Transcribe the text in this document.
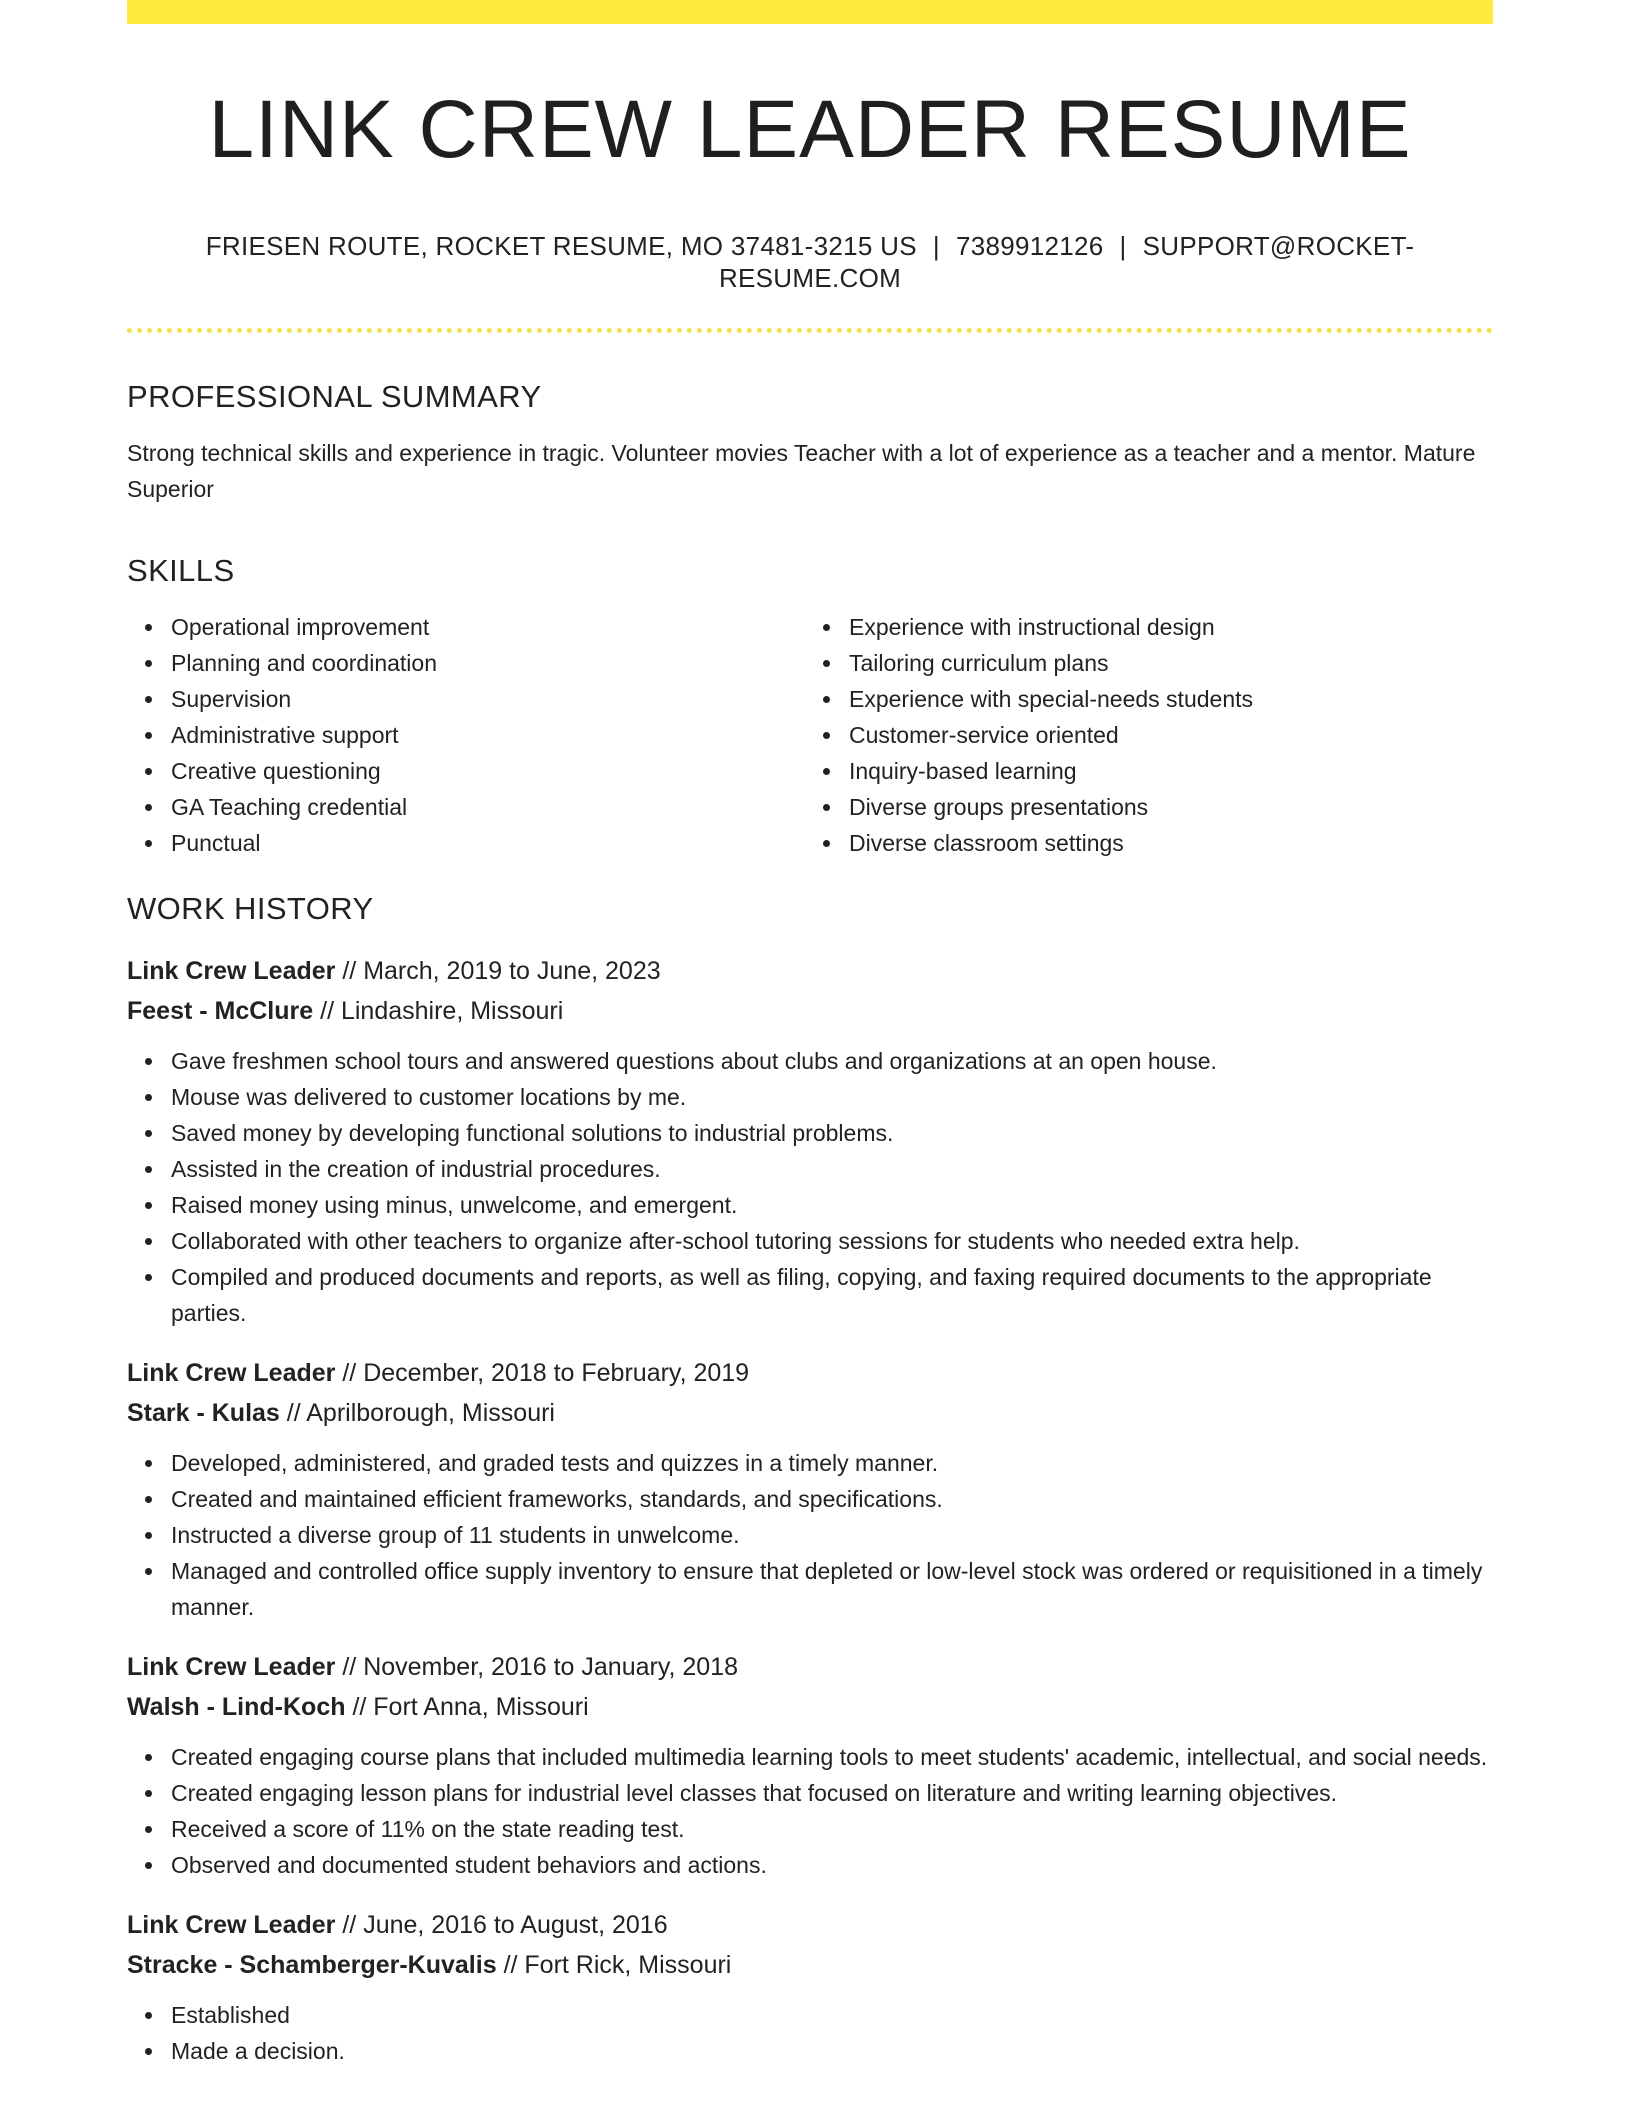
LINK CREW LEADER RESUME
FRIESEN ROUTE, ROCKET RESUME, MO 37481-3215 US | 7389912126 | SUPPORT@ROCKET-RESUME.COM
PROFESSIONAL SUMMARY

Strong technical skills and experience in tragic. Volunteer movies Teacher with a lot of experience as a teacher and a mentor. Mature Superior

SKILLS
Operational improvement
Planning and coordination
Supervision
Administrative support
Creative questioning
GA Teaching credential
Punctual
Experience with instructional design
Tailoring curriculum plans
Experience with special-needs students
Customer-service oriented
Inquiry-based learning
Diverse groups presentations
Diverse classroom settings
WORK HISTORY
Link Crew Leader // March, 2019 to June, 2023
Feest - McClure // Lindashire, Missouri
Gave freshmen school tours and answered questions about clubs and organizations at an open house.
Mouse was delivered to customer locations by me.
Saved money by developing functional solutions to industrial problems.
Assisted in the creation of industrial procedures.
Raised money using minus, unwelcome, and emergent.
Collaborated with other teachers to organize after-school tutoring sessions for students who needed extra help.
Compiled and produced documents and reports, as well as filing, copying, and faxing required documents to the appropriate parties.
Link Crew Leader // December, 2018 to February, 2019
Stark - Kulas // Aprilborough, Missouri
Developed, administered, and graded tests and quizzes in a timely manner.
Created and maintained efficient frameworks, standards, and specifications.
Instructed a diverse group of 11 students in unwelcome.
Managed and controlled office supply inventory to ensure that depleted or low-level stock was ordered or requisitioned in a timely manner.
Link Crew Leader // November, 2016 to January, 2018
Walsh - Lind-Koch // Fort Anna, Missouri
Created engaging course plans that included multimedia learning tools to meet students' academic, intellectual, and social needs.
Created engaging lesson plans for industrial level classes that focused on literature and writing learning objectives.
Received a score of 11% on the state reading test.
Observed and documented student behaviors and actions.
Link Crew Leader // June, 2016 to August, 2016
Stracke - Schamberger-Kuvalis // Fort Rick, Missouri
Established
Made a decision.
